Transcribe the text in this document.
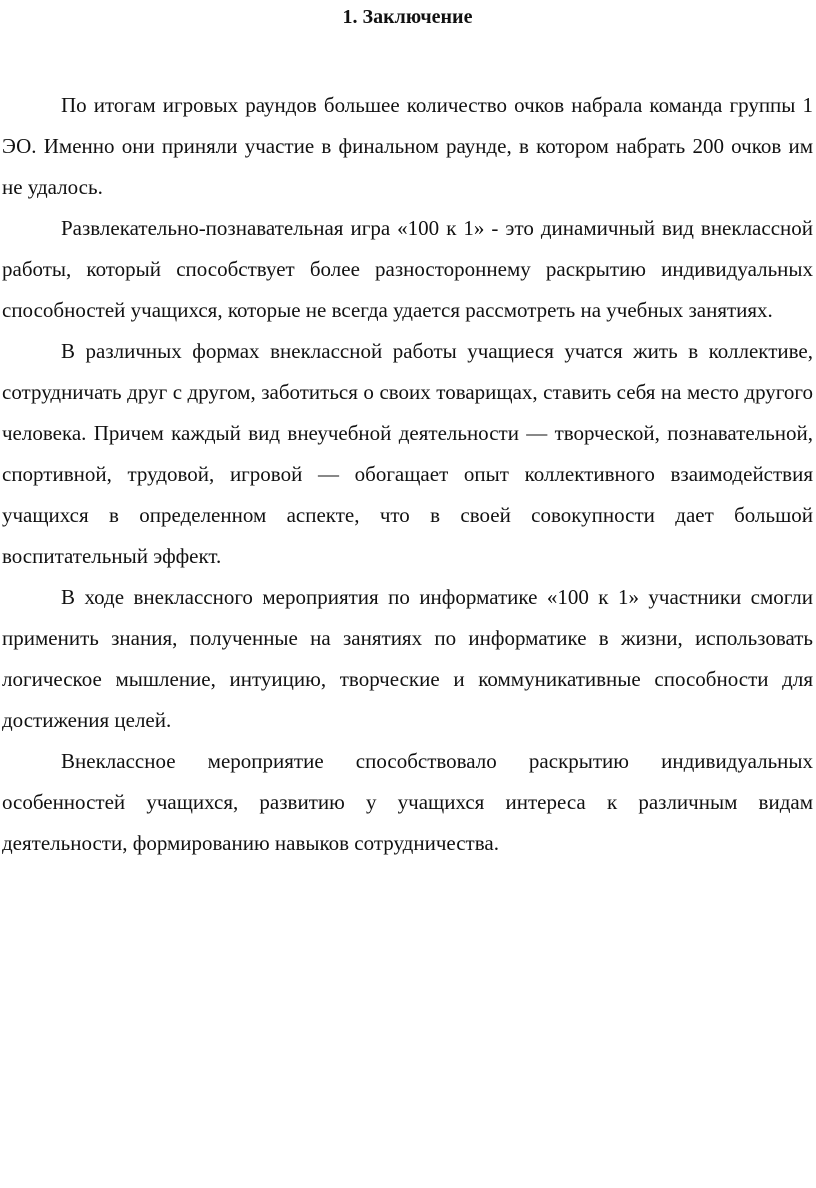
1. Заключение

По итогам игровых раундов большее количество очков набрала команда группы 1 ЭО. Именно они приняли участие в финальном раунде, в котором набрать 200 очков им не удалось.

Развлекательно-познавательная игра «100 к 1» - это динамичный вид внеклассной работы, который способствует более разностороннему раскрытию индивидуальных способностей учащихся, которые не всегда удается рассмотреть на учебных занятиях.

В различных формах внеклассной работы учащиеся учатся жить в коллективе, сотрудничать друг с другом, заботиться о своих товарищах, ставить себя на место другого человека. Причем каждый вид внеучебной деятельности — творческой, познавательной, спортивной, трудовой, игровой — обогащает опыт коллективного взаимодействия учащихся в определенном аспекте, что в своей совокупности дает большой воспитательный эффект.

В ходе внеклассного мероприятия по информатике «100 к 1» участники смогли применить знания, полученные на занятиях по информатике в жизни, использовать логическое мышление, интуицию, творческие и коммуникативные способности для достижения целей.

Внеклассное мероприятие способствовало раскрытию индивидуальных особенностей учащихся, развитию у учащихся интереса к различным видам деятельности, формированию навыков сотрудничества.
